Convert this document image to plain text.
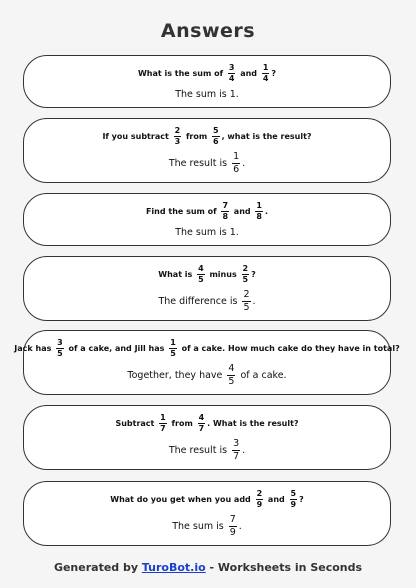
Answers
What is the sum of $\frac{3}{4}$ and $\frac{1}{4}$ ?
The sum is 1.
If you subtract $\frac{2}{3}$ from $\frac{5}{6}$ , what is the result?
The result is $\frac{1}{6}$ .
Find the sum of $\frac{7}{8}$ and $\frac{1}{8}$ .
The sum is 1.
What is $\frac{4}{5}$ minus $\frac{2}{5}$ ?
The difference is $\frac{2}{5}$ .
Jack has $\frac{3}{5}$ of a cake, and Jill has $\frac{1}{5}$ of a cake. How much cake do they have in total?
Together, they have $\frac{4}{5}$ of a cake.
Subtract $\frac{1}{7}$ from $\frac{4}{7}$ . What is the result?
The result is $\frac{3}{7}$ .
What do you get when you add $\frac{2}{9}$ and $\frac{5}{9}$ ?
The sum is $\frac{7}{9}$ .
Generated by TuroBot.io - Worksheets in Seconds
